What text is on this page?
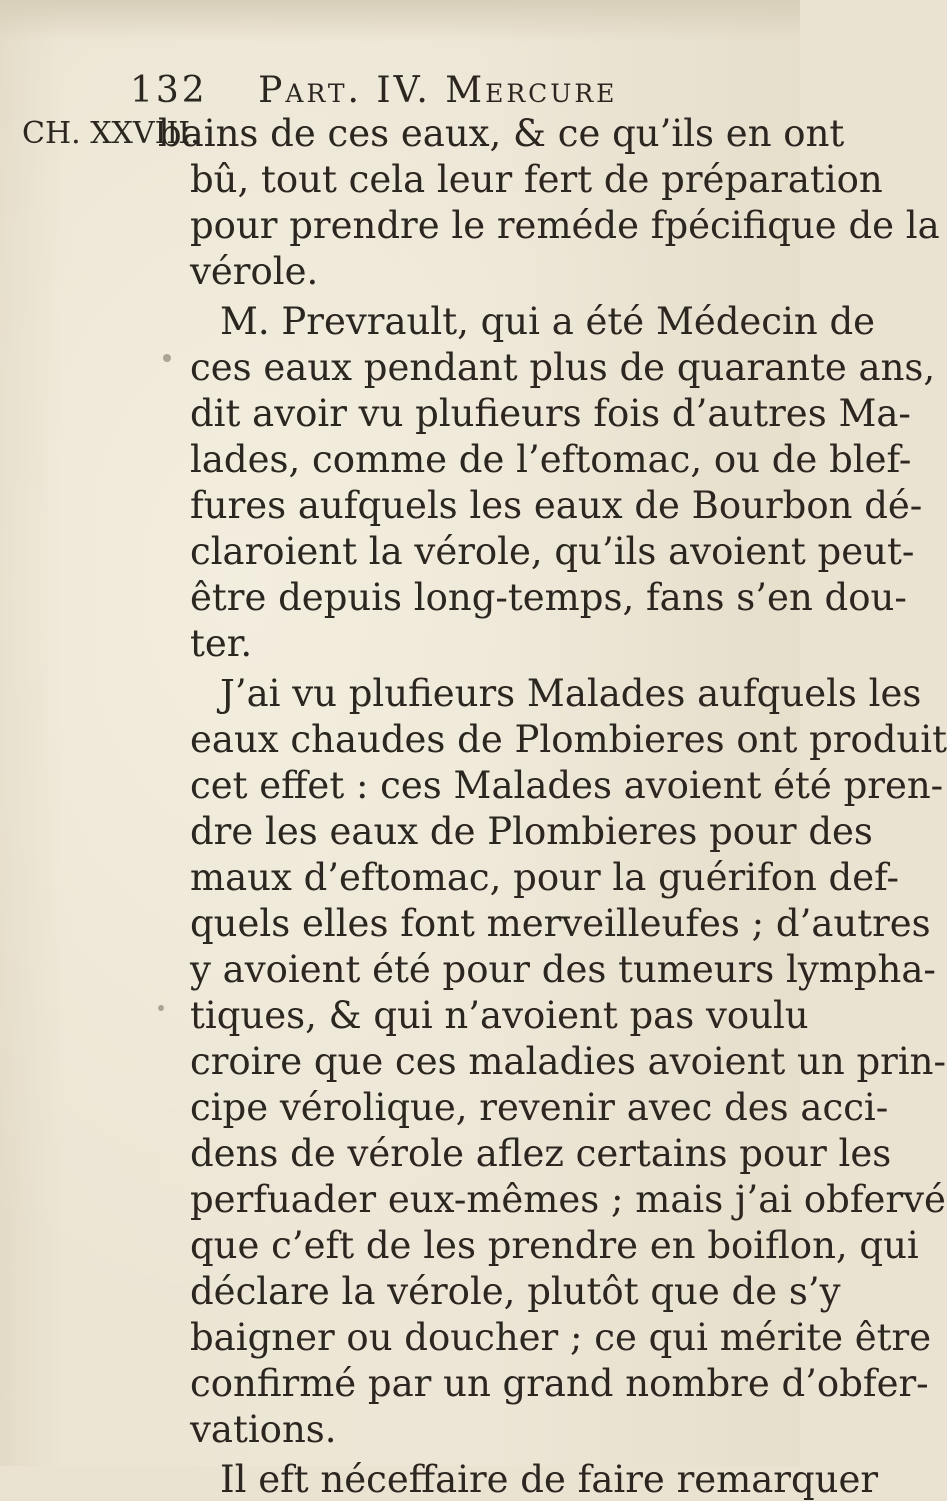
132 Part. IV. Mercure
CH. XXVIII.
bains de ces eaux, & ce qu’ils en ont
bû, tout cela leur fert de préparation
pour prendre le reméde fpécifique de la
vérole.
M. Prevrault, qui a été Médecin de
ces eaux pendant plus de quarante ans,
dit avoir vu plufieurs fois d’autres Ma-
lades, comme de l’eftomac, ou de blef-
fures aufquels les eaux de Bourbon dé-
claroient la vérole, qu’ils avoient peut-
être depuis long-temps, fans s’en dou-
ter.
J’ai vu plufieurs Malades aufquels les
eaux chaudes de Plombieres ont produit
cet effet : ces Malades avoient été pren-
dre les eaux de Plombieres pour des
maux d’eftomac, pour la guérifon def-
quels elles font merveilleufes ; d’autres
y avoient été pour des tumeurs lympha-
tiques, & qui n’avoient pas voulu
croire que ces maladies avoient un prin-
cipe vérolique, revenir avec des acci-
dens de vérole aflez certains pour les
perfuader eux-mêmes ; mais j’ai obfervé
que c’eft de les prendre en boiflon, qui
déclare la vérole, plutôt que de s’y
baigner ou doucher ; ce qui mérite être
confirmé par un grand nombre d’obfer-
vations.
Il eft néceffaire de faire remarquer
